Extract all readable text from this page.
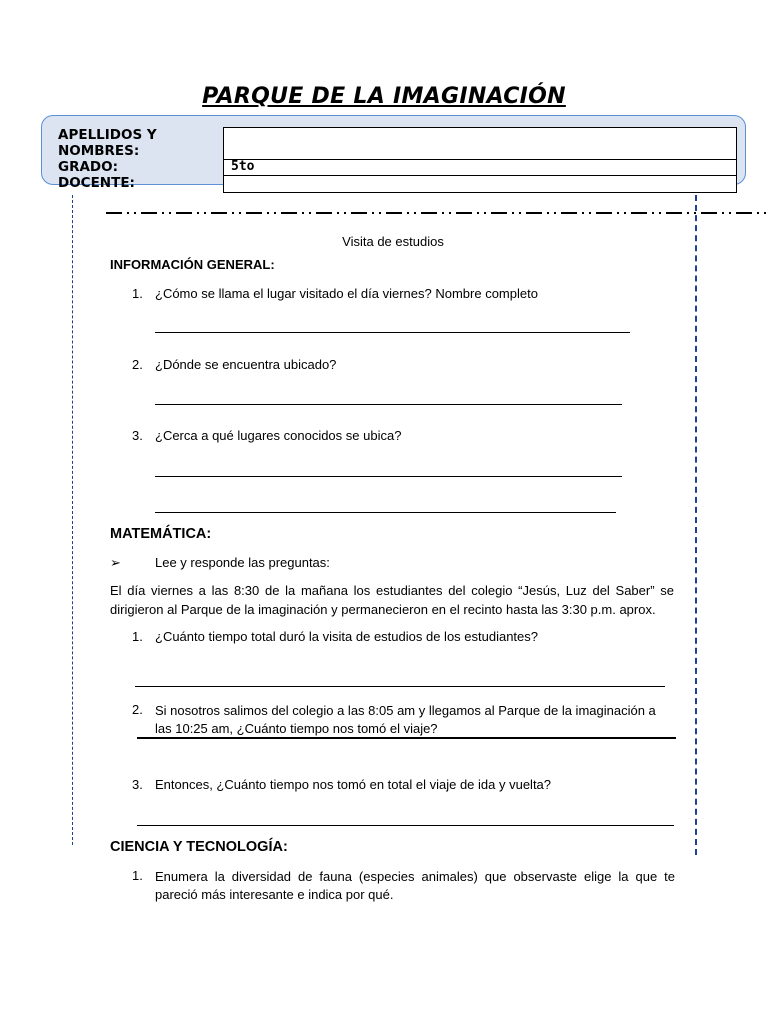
PARQUE DE LA IMAGINACIÓN
APELLIDOS Y
NOMBRES:
GRADO:
DOCENTE:
5to
Visita de estudios
INFORMACIÓN GENERAL:
1. ¿Cómo se llama el lugar visitado el día viernes? Nombre completo
2. ¿Dónde se encuentra ubicado?
3. ¿Cerca a qué lugares conocidos se ubica?
MATEMÁTICA:
➢	Lee y responde las preguntas:
El día viernes a las 8:30 de la mañana los estudiantes del colegio “Jesús, Luz del Saber” se dirigieron al Parque de la imaginación y permanecieron en el recinto hasta las 3:30 p.m. aprox.
1. ¿Cuánto tiempo total duró la visita de estudios de los estudiantes?
2. Si nosotros salimos del colegio a las 8:05 am y llegamos al Parque de la imaginación a las 10:25 am, ¿Cuánto tiempo nos tomó el viaje?
3. Entonces, ¿Cuánto tiempo nos tomó en total el viaje de ida y vuelta?
CIENCIA Y TECNOLOGÍA:
1. Enumera la diversidad de fauna (especies animales) que observaste elige la que te pareció más interesante e indica por qué.
